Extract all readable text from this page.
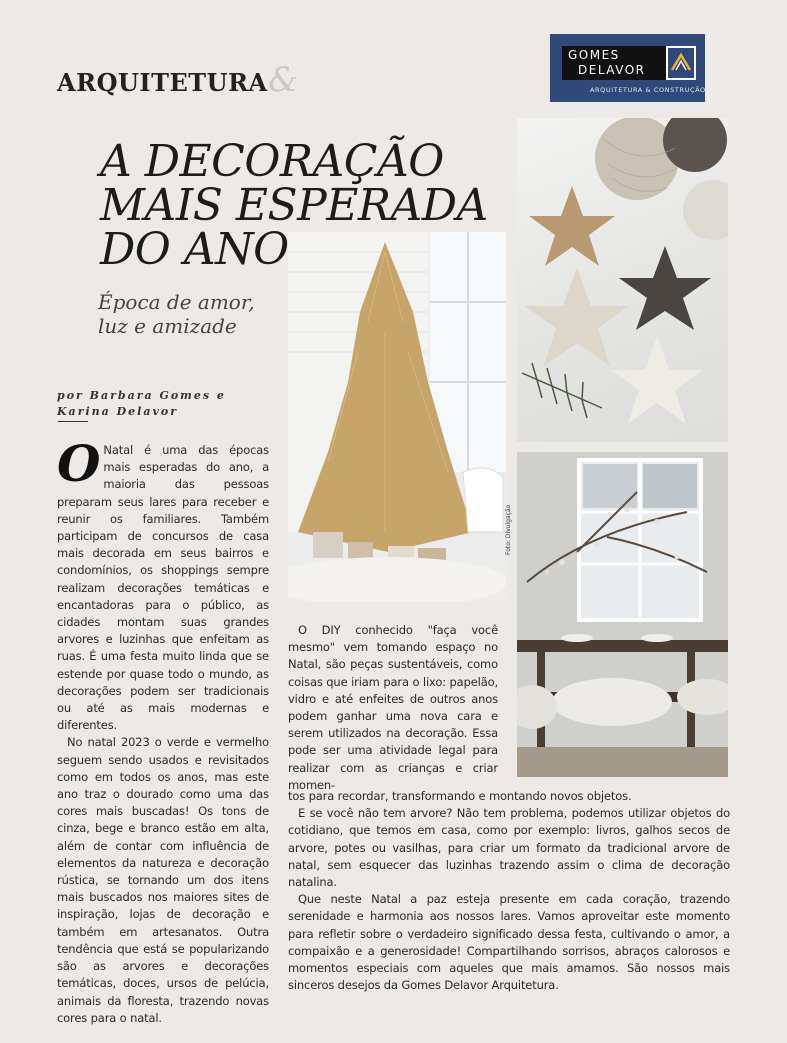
ARQUITETURA &
GOMES
DELAVOR
ARQUITETURA & CONSTRUÇÃO
Foto: Divulgação
A DECORAÇÃO
MAIS ESPERADA
DO ANO
Época de amor,
luz e amizade
por Barbara Gomes e
Karina Delavor

O Natal é uma das épocas mais esperadas do ano, a maioria das pessoas preparam seus lares para receber e reunir os familiares. Também participam de concursos de casa mais decorada em seus bairros e condomínios, os shoppings sempre realizam decorações temáticas e encantadoras para o público, as cidades montam suas grandes arvores e luzinhas que enfeitam as ruas. É uma festa muito linda que se estende por quase todo o mundo, as decorações podem ser tradicionais ou até as mais modernas e diferentes.

No natal 2023 o verde e vermelho seguem sendo usados e revisitados como em todos os anos, mas este ano traz o dourado como uma das cores mais buscadas! Os tons de cinza, bege e branco estão em alta, além de contar com influência de elementos da natureza e decoração rústica, se tornando um dos itens mais buscados nos maiores sites de inspiração, lojas de decoração e também em artesanatos. Outra tendência que está se popularizando são as arvores e decorações temáticas, doces, ursos de pelúcia, animais da floresta, trazendo novas cores para o natal.

O DIY conhecido "faça você mesmo" vem tomando espaço no Natal, são peças sustentáveis, como coisas que iriam para o lixo: papelão, vidro e até enfeites de outros anos podem ganhar uma nova cara e serem utilizados na decoração. Essa pode ser uma atividade legal para realizar com as crianças e criar momen-

tos para recordar, transformando e montando novos objetos.

E se você não tem arvore? Não tem problema, podemos utilizar objetos do cotidiano, que temos em casa, como por exemplo: livros, galhos secos de arvore, potes ou vasilhas, para criar um formato da tradicional arvore de natal, sem esquecer das luzinhas trazendo assim o clima de decoração natalina.

Que neste Natal a paz esteja presente em cada coração, trazendo serenidade e harmonia aos nossos lares. Vamos aproveitar este momento para refletir sobre o verdadeiro significado dessa festa, cultivando o amor, a compaixão e a generosidade! Compartilhando sorrisos, abraços calorosos e momentos especiais com aqueles que mais amamos. São nossos mais sinceros desejos da Gomes Delavor Arquitetura.
